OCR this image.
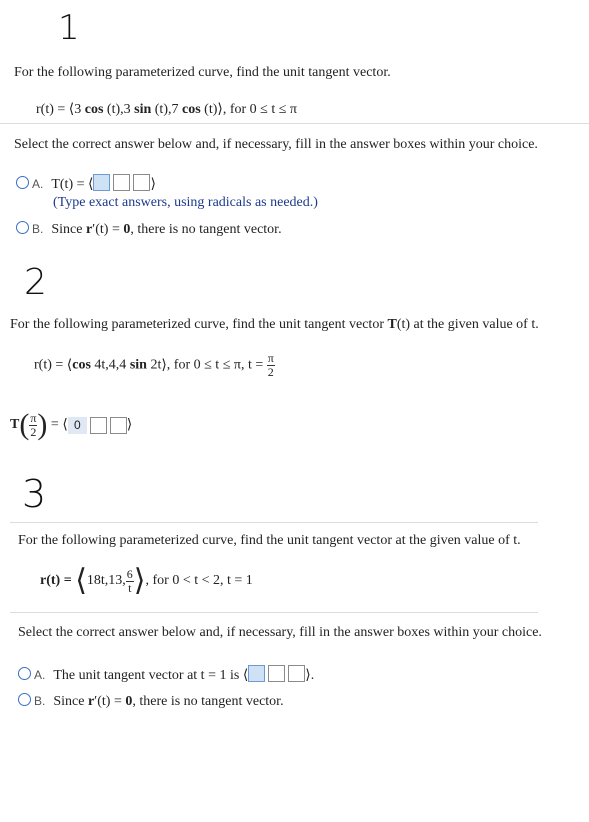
1
For the following parameterized curve, find the unit tangent vector.
r(t) = ⟨3 cos (t),3 sin (t),7 cos (t)⟩, for 0 ≤ t ≤ π
Select the correct answer below and, if necessary, fill in the answer boxes within your choice.
A. T(t) = ⟨	⟩
(Type exact answers, using radicals as needed.)
B. Since r′(t) = 0, there is no tangent vector.
2
For the following parameterized curve, find the unit tangent vector T(t) at the given value of t.
r(t) = ⟨cos 4t,4,4 sin 2t⟩, for 0 ≤ t ≤ π, $t = \frac{\pi}{2}$
$T( \frac{\pi}{2}$ ) = ⟨ 0	⟩
3
For the following parameterized curve, find the unit tangent vector at the given value of t.
r(t) = ⟨18t,13, $\frac{6}{t}$ ⟩, for 0 < t < 2, t = 1
Select the correct answer below and, if necessary, fill in the answer boxes within your choice.
A. The unit tangent vector at t = 1 is ⟨	⟩.
B. Since r′(t) = 0, there is no tangent vector.
